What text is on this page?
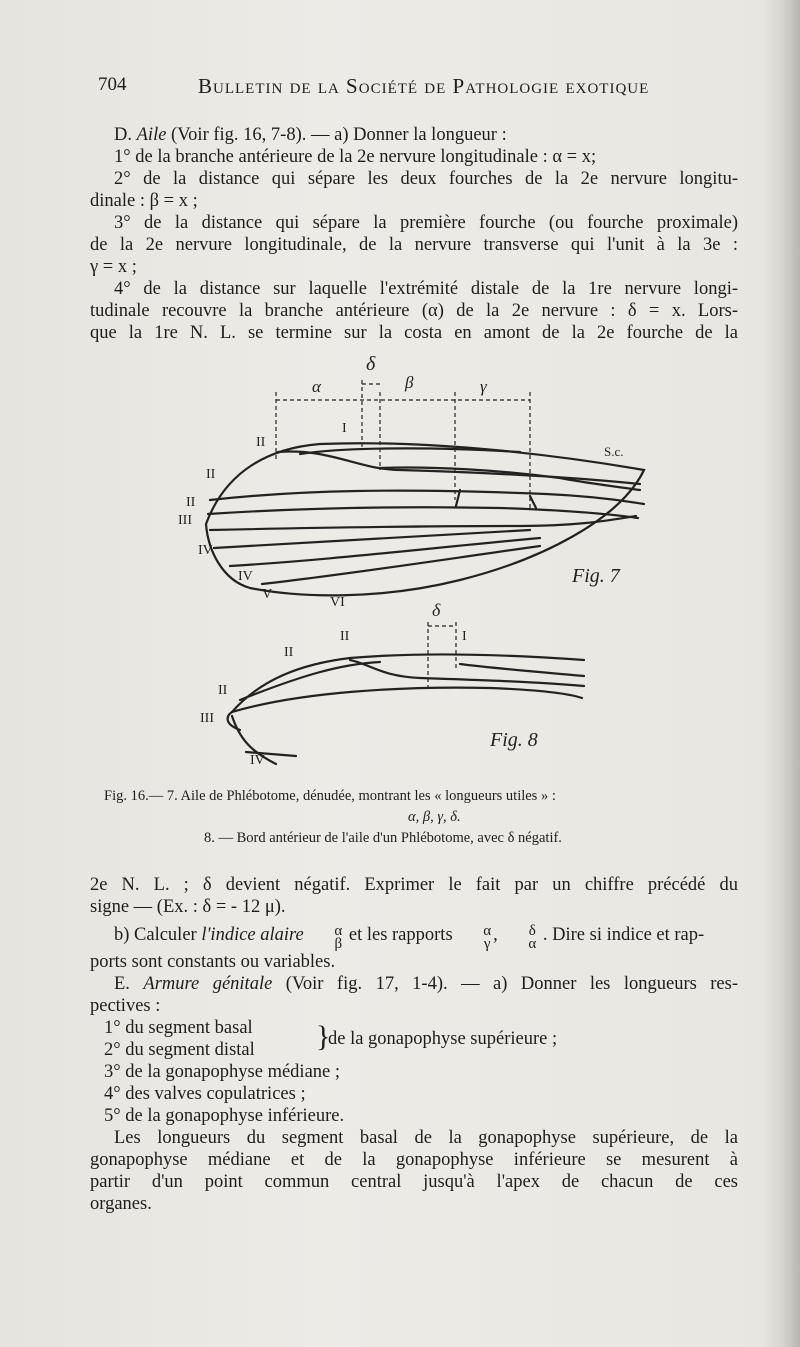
704	Bulletin de la Société de Pathologie exotique

D. Aile (Voir fig. 16, 7-8). — a) Donner la longueur :

1° de la branche antérieure de la 2e nervure longitudinale : α = x;

2° de la distance qui sépare les deux fourches de la 2e nervure longitu-

dinale : β = x ;

3° de la distance qui sépare la première fourche (ou fourche proximale)

de la 2e nervure longitudinale, de la nervure transverse qui l'unit à la 3e :

γ = x ;

4° de la distance sur laquelle l'extrémité distale de la 1re nervure longi-

tudinale recouvre la branche antérieure (α) de la 2e nervure : δ = x. Lors-

que la 1re N. L. se termine sur la costa en amont de la 2e fourche de la

α	β	γ
δ
S.c.
I
II
II
II
III
IV
IV
V
VI
Fig. 7
δ
II	I
II
II
III
IV
Fig. 8
Fig. 16.— 7. Aile de Phlébotome, dénudée, montrant les « longueurs utiles » :
α, β, γ, δ.
8. — Bord antérieur de l'aile d'un Phlébotome, avec δ négatif.

2e N. L. ; δ devient négatif. Exprimer le fait par un chiffre précédé du

signe — (Ex. : δ = - 12 μ).

b) Calculer l'indice alaire	α
β et les rapports	α
γ ,	δ
α . Dire si indice et rap-

ports sont constants ou variables.

E. Armure génitale (Voir fig. 17, 1-4). — a) Donner les longueurs res-

pectives :

1° du segment basal
2° du segment distal }
de la gonapophyse supérieure ;

3° de la gonapophyse médiane ;

4° des valves copulatrices ;

5° de la gonapophyse inférieure.

Les longueurs du segment basal de la gonapophyse supérieure, de la

gonapophyse médiane et de la gonapophyse inférieure se mesurent à

partir d'un point commun central jusqu'à l'apex de chacun de ces

organes.
